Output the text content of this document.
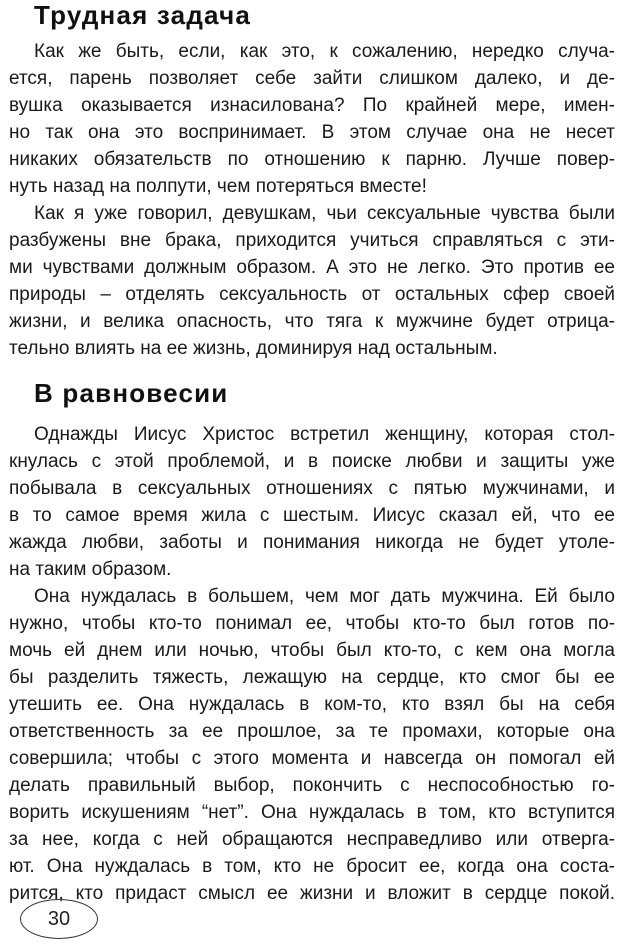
Трудная задача

Как же быть, если, как это, к сожалению, нередко случа-

ется, парень позволяет себе зайти слишком далеко, и де-

вушка оказывается изнасилована? По крайней мере, имен-

но так она это воспринимает. В этом случае она не несет

никаких обязательств по отношению к парню. Лучше повер-

нуть назад на полпути, чем потеряться вместе!

Как я уже говорил, девушкам, чьи сексуальные чувства были

разбужены вне брака, приходится учиться справляться с эти-

ми чувствами должным образом. А это не легко. Это против ее

природы – отделять сексуальность от остальных сфер своей

жизни, и велика опасность, что тяга к мужчине будет отрица-

тельно влиять на ее жизнь, доминируя над остальным.

В равновесии

Однажды Иисус Христос встретил женщину, которая стол-

кнулась с этой проблемой, и в поиске любви и защиты уже

побывала в сексуальных отношениях с пятью мужчинами, и

в то самое время жила с шестым. Иисус сказал ей, что ее

жажда любви, заботы и понимания никогда не будет утоле-

на таким образом.

Она нуждалась в большем, чем мог дать мужчина. Ей было

нужно, чтобы кто-то понимал ее, чтобы кто-то был готов по-

мочь ей днем или ночью, чтобы был кто-то, с кем она могла

бы разделить тяжесть, лежащую на сердце, кто смог бы ее

утешить ее. Она нуждалась в ком-то, кто взял бы на себя

ответственность за ее прошлое, за те промахи, которые она

совершила; чтобы с этого момента и навсегда он помогал ей

делать правильный выбор, покончить с неспособностью го-

ворить искушениям “нет”. Она нуждалась в том, кто вступится

за нее, когда с ней обращаются несправедливо или отверга-

ют. Она нуждалась в том, кто не бросит ее, когда она соста-

рится, кто придаст смысл ее жизни и вложит в сердце покой.

30
